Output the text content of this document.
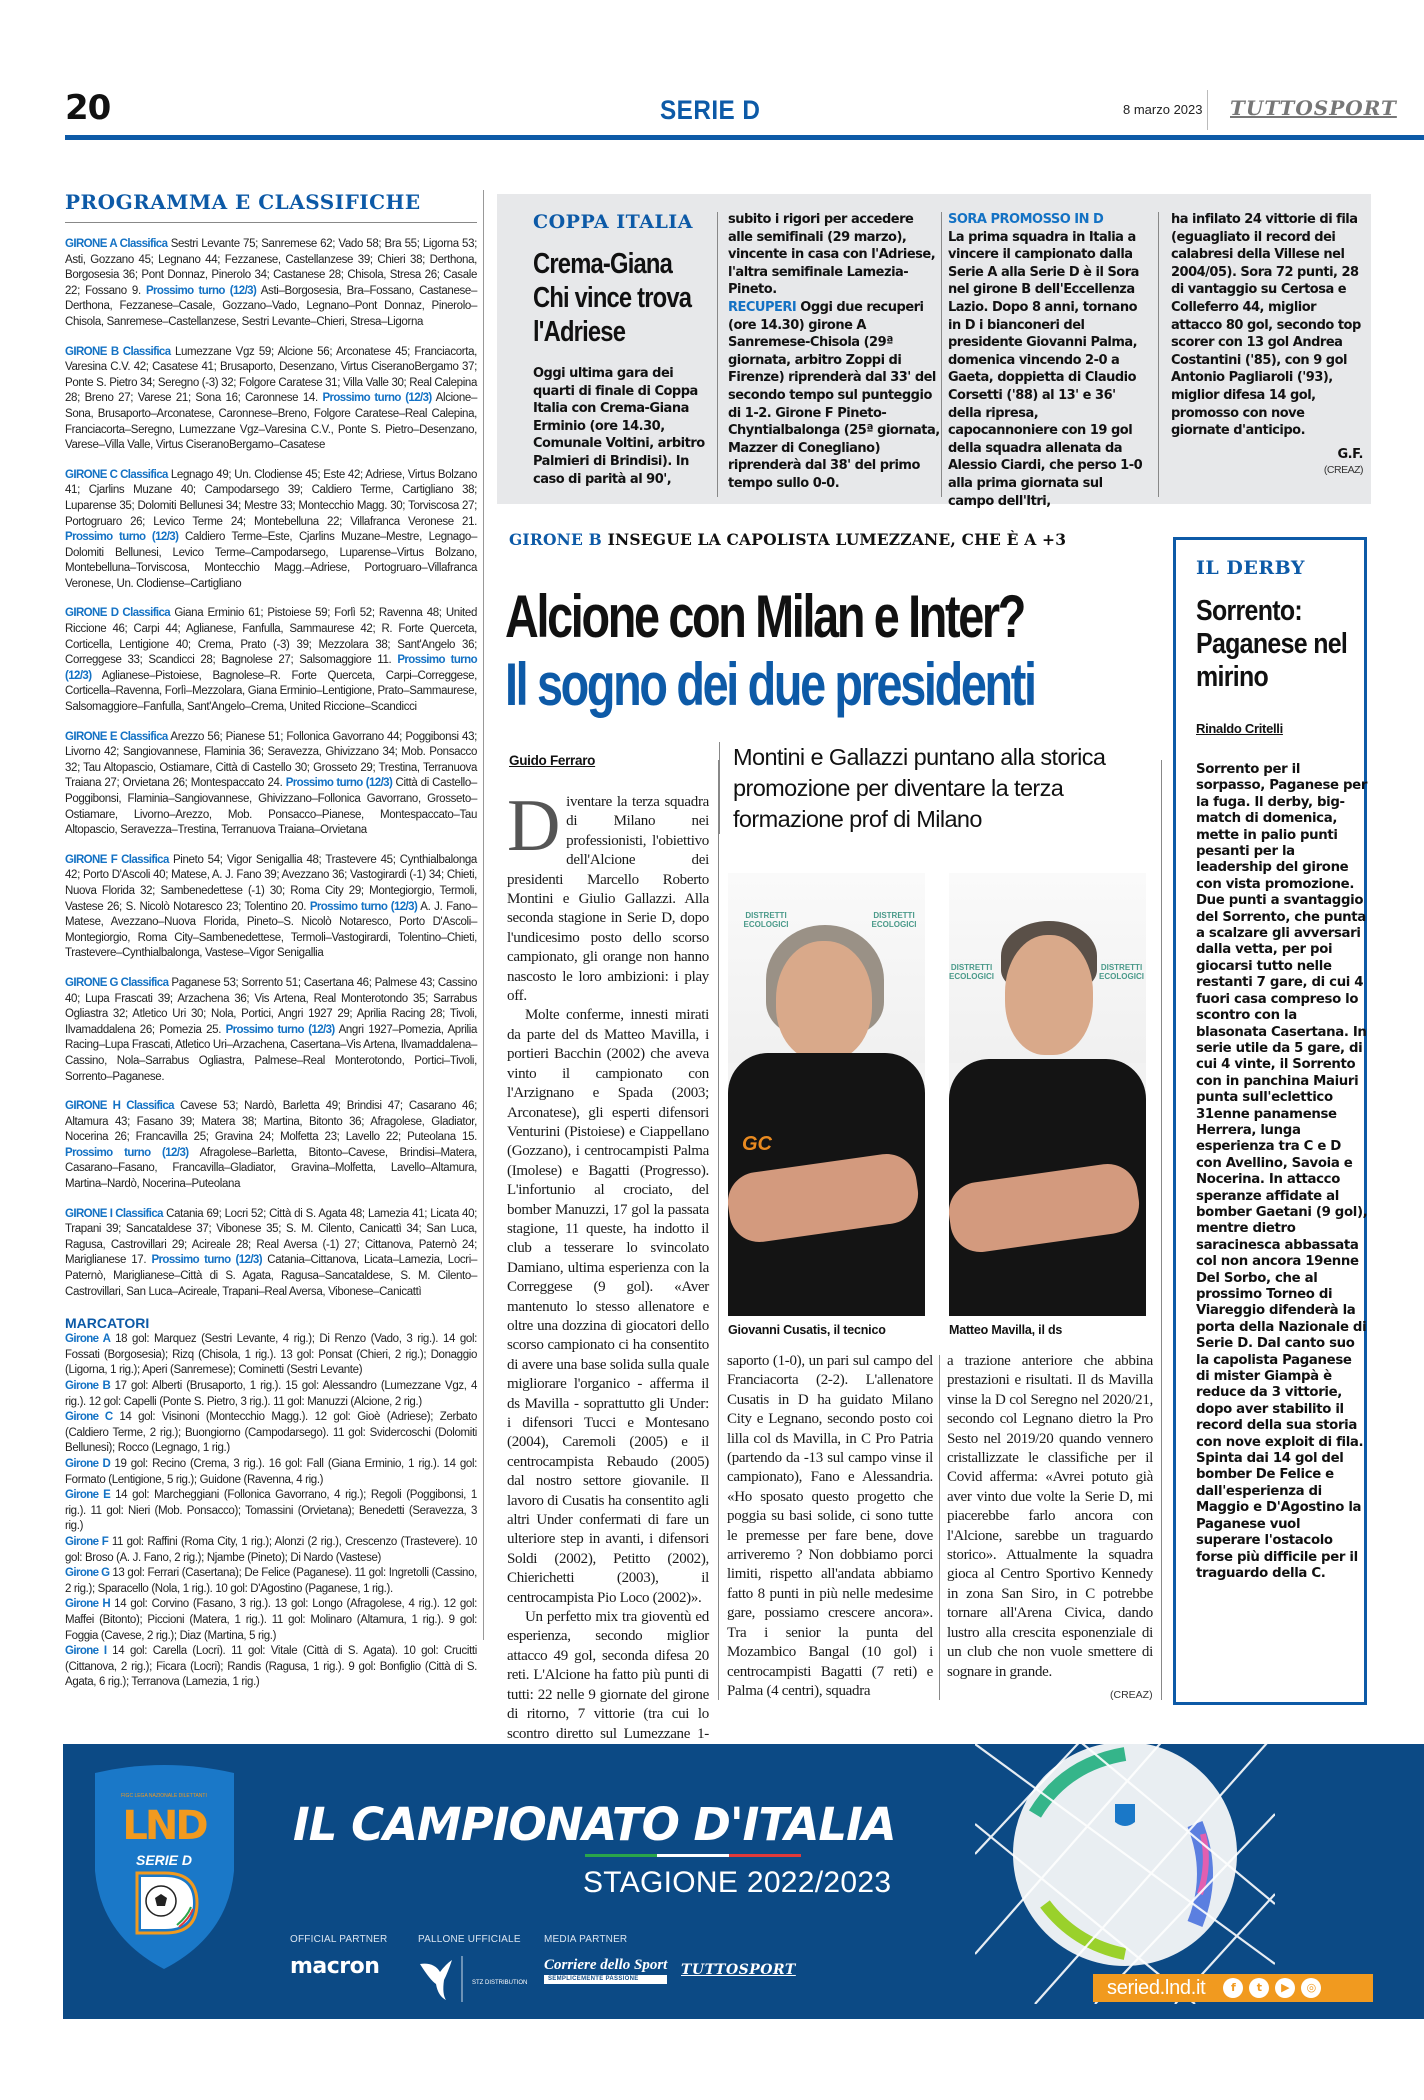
20	SERIE D	8 marzo 2023 TUTTOSPORT
PROGRAMMA E CLASSIFICHE
GIRONE A Classifica Sestri Levante 75; Sanremese 62; Vado 58; Bra 55; Ligorna 53; Asti, Gozzano 45; Legnano 44; Fezzanese, Castellanzese 39; Chieri 38; Derthona, Borgosesia 36; Pont Donnaz, Pinerolo 34; Castanese 28; Chisola, Stresa 26; Casale 22; Fossano 9. Prossimo turno (12/3) Asti–Borgosesia, Bra–Fossano, Castanese–Derthona, Fezzanese–Casale, Gozzano–Vado, Legnano–Pont Donnaz, Pinerolo–Chisola, Sanremese–Castellanzese, Sestri Levante–Chieri, Stresa–Ligorna
GIRONE B Classifica Lumezzane Vgz 59; Alcione 56; Arconatese 45; Franciacorta, Varesina C.V. 42; Casatese 41; Brusaporto, Desenzano, Virtus CiseranoBergamo 37; Ponte S. Pietro 34; Seregno (-3) 32; Folgore Caratese 31; Villa Valle 30; Real Calepina 28; Breno 27; Varese 21; Sona 16; Caronnese 14. Prossimo turno (12/3) Alcione–Sona, Brusaporto–Arconatese, Caronnese–Breno, Folgore Caratese–Real Calepina, Franciacorta–Seregno, Lumezzane Vgz–Varesina C.V., Ponte S. Pietro–Desenzano, Varese–Villa Valle, Virtus CiseranoBergamo–Casatese
GIRONE C Classifica Legnago 49; Un. Clodiense 45; Este 42; Adriese, Virtus Bolzano 41; Cjarlins Muzane 40; Campodarsego 39; Caldiero Terme, Cartigliano 38; Luparense 35; Dolomiti Bellunesi 34; Mestre 33; Montecchio Magg. 30; Torviscosa 27; Portogruaro 26; Levico Terme 24; Montebelluna 22; Villafranca Veronese 21. Prossimo turno (12/3) Caldiero Terme–Este, Cjarlins Muzane–Mestre, Legnago–Dolomiti Bellunesi, Levico Terme–Campodarsego, Luparense–Virtus Bolzano, Montebelluna–Torviscosa, Montecchio Magg.–Adriese, Portogruaro–Villafranca Veronese, Un. Clodiense–Cartigliano
GIRONE D Classifica Giana Erminio 61; Pistoiese 59; Forlì 52; Ravenna 48; United Riccione 46; Carpi 44; Aglianese, Fanfulla, Sammaurese 42; R. Forte Querceta, Corticella, Lentigione 40; Crema, Prato (-3) 39; Mezzolara 38; Sant'Angelo 36; Correggese 33; Scandicci 28; Bagnolese 27; Salsomaggiore 11. Prossimo turno (12/3) Aglianese–Pistoiese, Bagnolese–R. Forte Querceta, Carpi–Correggese, Corticella–Ravenna, Forlì–Mezzolara, Giana Erminio–Lentigione, Prato–Sammaurese, Salsomaggiore–Fanfulla, Sant'Angelo–Crema, United Riccione–Scandicci
GIRONE E Classifica Arezzo 56; Pianese 51; Follonica Gavorrano 44; Poggibonsi 43; Livorno 42; Sangiovannese, Flaminia 36; Seravezza, Ghivizzano 34; Mob. Ponsacco 32; Tau Altopascio, Ostiamare, Città di Castello 30; Grosseto 29; Trestina, Terranuova Traiana 27; Orvietana 26; Montespaccato 24. Prossimo turno (12/3) Città di Castello–Poggibonsi, Flaminia–Sangiovannese, Ghivizzano–Follonica Gavorrano, Grosseto–Ostiamare, Livorno–Arezzo, Mob. Ponsacco–Pianese, Montespaccato–Tau Altopascio, Seravezza–Trestina, Terranuova Traiana–Orvietana
GIRONE F Classifica Pineto 54; Vigor Senigallia 48; Trastevere 45; Cynthialbalonga 42; Porto D'Ascoli 40; Matese, A. J. Fano 39; Avezzano 36; Vastogirardi (-1) 34; Chieti, Nuova Florida 32; Sambenedettese (-1) 30; Roma City 29; Montegiorgio, Termoli, Vastese 26; S. Nicolò Notaresco 23; Tolentino 20. Prossimo turno (12/3) A. J. Fano–Matese, Avezzano–Nuova Florida, Pineto–S. Nicolò Notaresco, Porto D'Ascoli–Montegiorgio, Roma City–Sambenedettese, Termoli–Vastogirardi, Tolentino–Chieti, Trastevere–Cynthialbalonga, Vastese–Vigor Senigallia
GIRONE G Classifica Paganese 53; Sorrento 51; Casertana 46; Palmese 43; Cassino 40; Lupa Frascati 39; Arzachena 36; Vis Artena, Real Monterotondo 35; Sarrabus Ogliastra 32; Atletico Uri 30; Nola, Portici, Angri 1927 29; Aprilia Racing 28; Tivoli, Ilvamaddalena 26; Pomezia 25. Prossimo turno (12/3) Angri 1927–Pomezia, Aprilia Racing–Lupa Frascati, Atletico Uri–Arzachena, Casertana–Vis Artena, Ilvamaddalena–Cassino, Nola–Sarrabus Ogliastra, Palmese–Real Monterotondo, Portici–Tivoli, Sorrento–Paganese.
GIRONE H Classifica Cavese 53; Nardò, Barletta 49; Brindisi 47; Casarano 46; Altamura 43; Fasano 39; Matera 38; Martina, Bitonto 36; Afragolese, Gladiator, Nocerina 26; Francavilla 25; Gravina 24; Molfetta 23; Lavello 22; Puteolana 15. Prossimo turno (12/3) Afragolese–Barletta, Bitonto–Cavese, Brindisi–Matera, Casarano–Fasano, Francavilla–Gladiator, Gravina–Molfetta, Lavello–Altamura, Martina–Nardò, Nocerina–Puteolana
GIRONE I Classifica Catania 69; Locri 52; Città di S. Agata 48; Lamezia 41; Licata 40; Trapani 39; Sancataldese 37; Vibonese 35; S. M. Cilento, Canicattì 34; San Luca, Ragusa, Castrovillari 29; Acireale 28; Real Aversa (-1) 27; Cittanova, Paternò 24; Mariglianese 17. Prossimo turno (12/3) Catania–Cittanova, Licata–Lamezia, Locri–Paternò, Mariglianese–Città di S. Agata, Ragusa–Sancataldese, S. M. Cilento–Castrovillari, San Luca–Acireale, Trapani–Real Aversa, Vibonese–Canicattì
MARCATORI
Girone A 18 gol: Marquez (Sestri Levante, 4 rig.); Di Renzo (Vado, 3 rig.). 14 gol: Fossati (Borgosesia); Rizq (Chisola, 1 rig.). 13 gol: Ponsat (Chieri, 2 rig.); Donaggio (Ligorna, 1 rig.); Aperi (Sanremese); Cominetti (Sestri Levante)
Girone B 17 gol: Alberti (Brusaporto, 1 rig.). 15 gol: Alessandro (Lumezzane Vgz, 4 rig.). 12 gol: Capelli (Ponte S. Pietro, 3 rig.). 11 gol: Manuzzi (Alcione, 2 rig.)
Girone C 14 gol: Visinoni (Montecchio Magg.). 12 gol: Gioè (Adriese); Zerbato (Caldiero Terme, 2 rig.); Buongiorno (Campodarsego). 11 gol: Svidercoschi (Dolomiti Bellunesi); Rocco (Legnago, 1 rig.)
Girone D 19 gol: Recino (Crema, 3 rig.). 16 gol: Fall (Giana Erminio, 1 rig.). 14 gol: Formato (Lentigione, 5 rig.); Guidone (Ravenna, 4 rig.)
Girone E 14 gol: Marcheggiani (Follonica Gavorrano, 4 rig.); Regoli (Poggibonsi, 1 rig.). 11 gol: Nieri (Mob. Ponsacco); Tomassini (Orvietana); Benedetti (Seravezza, 3 rig.)
Girone F 11 gol: Raffini (Roma City, 1 rig.); Alonzi (2 rig.), Crescenzo (Trastevere). 10 gol: Broso (A. J. Fano, 2 rig.); Njambe (Pineto); Di Nardo (Vastese)
Girone G 13 gol: Ferrari (Casertana); De Felice (Paganese). 11 gol: Ingretolli (Cassino, 2 rig.); Sparacello (Nola, 1 rig.). 10 gol: D'Agostino (Paganese, 1 rig.).
Girone H 14 gol: Corvino (Fasano, 3 rig.). 13 gol: Longo (Afragolese, 4 rig.). 12 gol: Maffei (Bitonto); Piccioni (Matera, 1 rig.). 11 gol: Molinaro (Altamura, 1 rig.). 9 gol: Foggia (Cavese, 2 rig.); Diaz (Martina, 5 rig.)
Girone I 14 gol: Carella (Locri). 11 gol: Vitale (Città di S. Agata). 10 gol: Crucitti (Cittanova, 2 rig.); Ficara (Locri); Randis (Ragusa, 1 rig.). 9 gol: Bonfiglio (Città di S. Agata, 6 rig.); Terranova (Lamezia, 1 rig.)
COPPA ITALIA
Crema-Giana Chi vince trova l'Adriese
Oggi ultima gara dei quarti di finale di Coppa Italia con Crema-Giana Erminio (ore 14.30, Comunale Voltini, arbitro Palmieri di Brindisi). In caso di parità al 90',
subito i rigori per accedere alle semifinali (29 marzo), vincente in casa con l'Adriese, l'altra semifinale Lamezia-Pineto.
RECUPERI Oggi due recuperi (ore 14.30) girone A Sanremese-Chisola (29ª giornata, arbitro Zoppi di Firenze) riprenderà dal 33' del secondo tempo sul punteggio di 1-2. Girone F Pineto-Chyntialbalonga (25ª giornata, Mazzer di Conegliano) riprenderà dal 38' del primo tempo sullo 0-0.
SORA PROMOSSO IN D
La prima squadra in Italia a vincere il campionato dalla Serie A alla Serie D è il Sora nel girone B dell'Eccellenza Lazio. Dopo 8 anni, tornano in D i bianconeri del presidente Giovanni Palma, domenica vincendo 2-0 a Gaeta, doppietta di Claudio Corsetti ('88) al 13' e 36' della ripresa, capocannoniere con 19 gol della squadra allenata da Alessio Ciardi, che perso 1-0 alla prima giornata sul campo dell'Itri,
ha infilato 24 vittorie di fila (eguagliato il record dei calabresi della Villese nel 2004/05). Sora 72 punti, 28 di vantaggio su Certosa e Colleferro 44, miglior attacco 80 gol, secondo top scorer con 13 gol Andrea Costantini ('85), con 9 gol Antonio Pagliaroli ('93), miglior difesa 14 gol, promosso con nove giornate d'anticipo.
G.F.
(CREAZ)
GIRONE B INSEGUE LA CAPOLISTA LUMEZZANE, CHE È A +3
Alcione con Milan e Inter?
Il sogno dei due presidenti
Guido Ferraro	Montini e Gallazzi puntano alla storica promozione per diventare la terza formazione prof di Milano

Diventare la terza squadra di Milano nei professionisti, l'obiettivo dell'Alcione dei presidenti Marcello Roberto Montini e Giulio Gallazzi. Alla seconda stagione in Serie D, dopo l'undicesimo posto dello scorso campionato, gli orange non hanno nascosto le loro ambizioni: i play off.

Molte conferme, innesti mirati da parte del ds Matteo Mavilla, i portieri Bacchin (2002) che aveva vinto il campionato con l'Arzignano e Spada (2003; Arconatese), gli esperti difensori Venturini (Pistoiese) e Ciappellano (Gozzano), i centrocampisti Palma (Imolese) e Bagatti (Progresso). L'infortunio al crociato, del bomber Manuzzi, 17 gol la passata stagione, 11 queste, ha indotto il club a tesserare lo svincolato Damiano, ultima esperienza con la Correggese (9 gol). «Aver mantenuto lo stesso allenatore e oltre una dozzina di giocatori dello scorso campionato ci ha consentito di avere una base solida sulla quale migliorare l'organico - afferma il ds Mavilla - soprattutto gli Under: i difensori Tucci e Montesano (2004), Caremoli (2005) e il centrocampista Rebaudo (2005) dal nostro settore giovanile. Il lavoro di Cusatis ha consentito agli altri Under confermati di fare un ulteriore step in avanti, i difensori Soldi (2002), Petitto (2002), Chierichetti (2003), il centrocampista Pio Loco (2002)».

Un perfetto mix tra gioventù ed esperienza, secondo miglior attacco 49 gol, seconda difesa 20 reti. L'Alcione ha fatto più punti di tutti: 22 nelle 9 giornate del girone di ritorno, 7 vittorie (tra cui lo scontro diretto sul Lumezzane 1-

DISTRETTI ECOLOGICI
DISTRETTI ECOLOGICI
GC
Giovanni Cusatis, il tecnico
DISTRETTI ECOLOGICI
DISTRETTI ECOLOGICI
Matteo Mavilla, il ds
saporto (1-0), un pari sul campo del Franciacorta (2-2). L'allenatore Cusatis in D ha guidato Milano City e Legnano, secondo posto coi lilla col ds Mavilla, in C Pro Patria (partendo da -13 sul campo vinse il campionato), Fano e Alessandria. «Ho sposato questo progetto che poggia su basi solide, ci sono tutte le premesse per fare bene, dove arriveremo ? Non dobbiamo porci limiti, rispetto all'andata abbiamo fatto 8 punti in più nelle medesime gare, possiamo crescere ancora». Tra i senior la punta del Mozambico Bangal (10 gol) i centrocampisti Bagatti (7 reti) e Palma (4 centri), squadra
a trazione anteriore che abbina prestazioni e risultati. Il ds Mavilla vinse la D col Seregno nel 2020/21, secondo col Legnano dietro la Pro Sesto nel 2019/20 quando vennero cristallizzate le classifiche per il Covid afferma: «Avrei potuto già aver vinto due volte la Serie D, mi piacerebbe farlo ancora con l'Alcione, sarebbe un traguardo storico». Attualmente la squadra gioca al Centro Sportivo Kennedy in zona San Siro, in C potrebbe tornare all'Arena Civica, dando lustro alla crescita esponenziale di un club che non vuole smettere di sognare in grande.
(CREAZ)
IL DERBY
Sorrento: Paganese nel mirino
Rinaldo Critelli
Sorrento per il sorpasso, Paganese per la fuga. Il derby, big-match di domenica, mette in palio punti pesanti per la leadership del girone con vista promozione. Due punti a svantaggio del Sorrento, che punta a scalzare gli avversari dalla vetta, per poi giocarsi tutto nelle restanti 7 gare, di cui 4 fuori casa compreso lo scontro con la blasonata Casertana. In serie utile da 5 gare, di cui 4 vinte, il Sorrento con in panchina Maiuri punta sull'eclettico 31enne panamense Herrera, lunga esperienza tra C e D con Avellino, Savoia e Nocerina. In attacco speranze affidate al bomber Gaetani (9 gol), mentre dietro saracinesca abbassata col non ancora 19enne Del Sorbo, che al prossimo Torneo di Viareggio difenderà la porta della Nazionale di Serie D. Dal canto suo la capolista Paganese di mister Giampà è reduce da 3 vittorie, dopo aver stabilito il record della sua storia con nove exploit di fila. Spinta dai 14 gol del bomber De Felice e dall'esperienza di Maggio e D'Agostino la Paganese vuol superare l'ostacolo forse più difficile per il traguardo della C.
FIGC LEGA NAZIONALE DILETTANTI
LND
SERIE D
IL CAMPIONATO D'ITALIA
STAGIONE 2022/2023
OFFICIAL PARTNER
macron
PALLONE UFFICIALE
STZ DISTRIBUTION
MEDIA PARTNER
Corriere dello Sport
SEMPLICEMENTE PASSIONE
TUTTOSPORT
seried.lnd.it	f	t	▶	◎
